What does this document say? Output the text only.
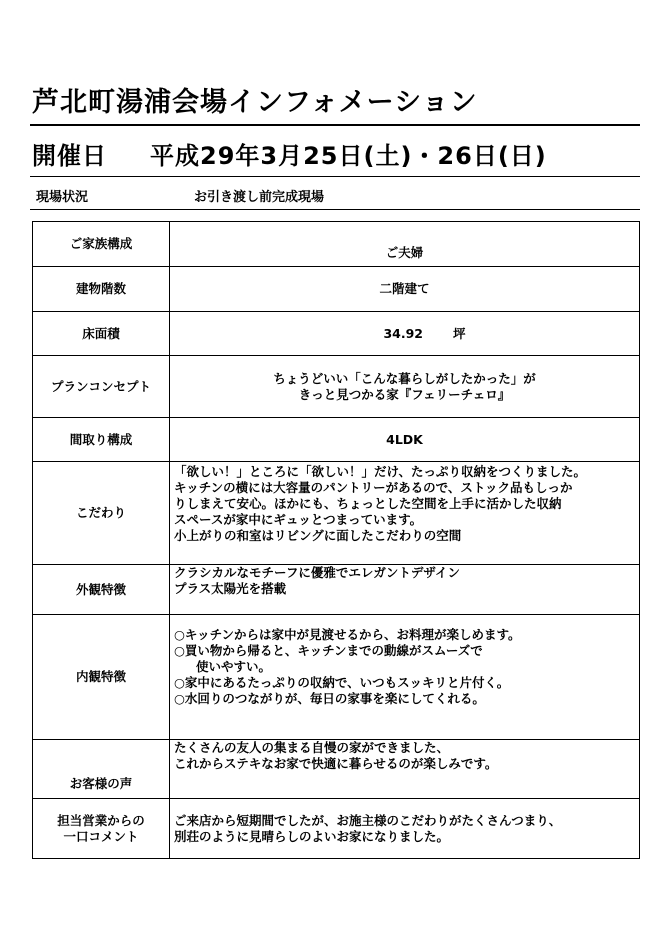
芦北町湯浦会場インフォメーション
開催日 平成29年3月25日(土)・26日(日)
現場状況	お引き渡し前完成現場
ご家族構成	ご夫婦
建物階数	二階建て
床面積	34.92 坪
プランコンセプト	ちょうどいい「こんな暮らしがしたかった」が
きっと見つかる家『フェリーチェロ』

間取り構成	4LDK
こだわり	「欲しい！」ところに「欲しい！」だけ、たっぷり収納をつくりました。
キッチンの横には大容量のパントリーがあるので、ストック品もしっか
りしまえて安心。ほかにも、ちょっとした空間を上手に活かした収納
スペースが家中にギュッとつまっています。
小上がりの和室はリビングに面したこだわりの空間

外観特徴	クラシカルなモチーフに優雅でエレガントデザイン
プラス太陽光を搭載

内観特徴	○キッチンからは家中が見渡せるから、お料理が楽しめます。
○買い物から帰ると、キッチンまでの動線がスムーズで
使いやすい。
○家中にあるたっぷりの収納で、いつもスッキリと片付く。
○水回りのつながりが、毎日の家事を楽にしてくれる。

お客様の声	たくさんの友人の集まる自慢の家ができました、
これからステキなお家で快適に暮らせるのが楽しみです。

担当営業からの
一口コメント	ご来店から短期間でしたが、お施主様のこだわりがたくさんつまり、
別荘のように見晴らしのよいお家になりました。
